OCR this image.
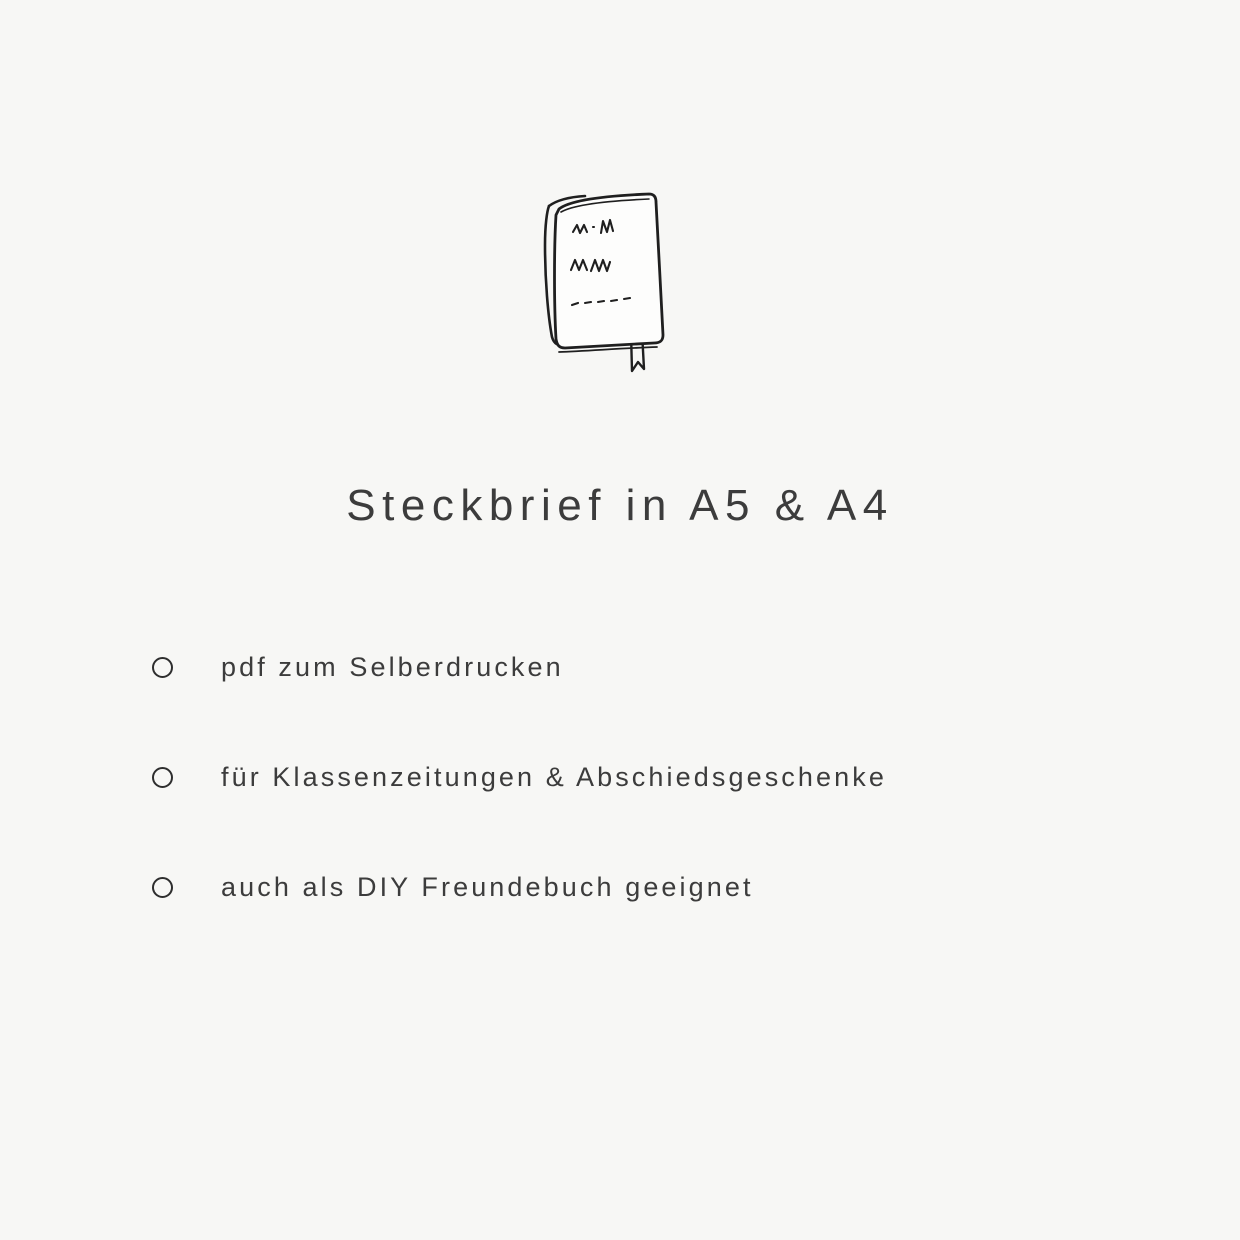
Steckbrief in A5 & A4
pdf zum Selberdrucken
für Klassenzeitungen & Abschiedsgeschenke
auch als DIY Freundebuch geeignet
